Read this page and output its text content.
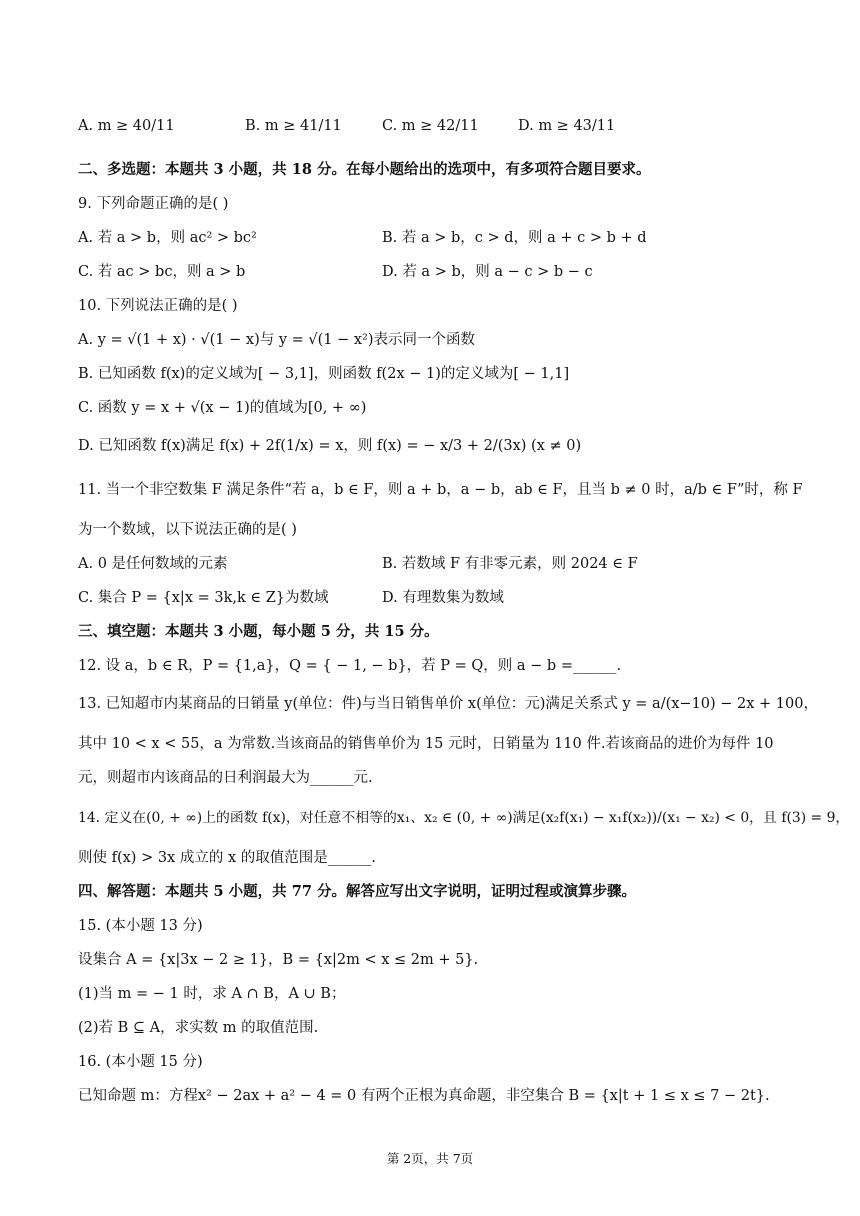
A. m ≥ 40/11	B. m ≥ 41/11	C. m ≥ 42/11	D. m ≥ 43/11
二、多选题：本题共 3 小题，共 18 分。在每小题给出的选项中，有多项符合题目要求。
9. 下列命题正确的是( )
A. 若 a > b，则 ac² > bc²	B. 若 a > b，c > d，则 a + c > b + d
C. 若 ac > bc，则 a > b	D. 若 a > b，则 a − c > b − c
10. 下列说法正确的是( )
A. y = √(1 + x) · √(1 − x)与 y = √(1 − x²)表示同一个函数
B. 已知函数 f(x)的定义域为[ − 3,1]，则函数 f(2x − 1)的定义域为[ − 1,1]
C. 函数 y = x + √(x − 1)的值域为[0, + ∞)
D. 已知函数 f(x)满足 f(x) + 2f(1/x) = x，则 f(x) = − x/3 + 2/(3x) (x ≠ 0)
11. 当一个非空数集 F 满足条件“若 a，b ∈ F，则 a + b，a − b，ab ∈ F，且当 b ≠ 0 时，a/b ∈ F”时，称 F
为一个数域，以下说法正确的是( )
A. 0 是任何数域的元素	B. 若数域 F 有非零元素，则 2024 ∈ F
C. 集合 P = {x|x = 3k,k ∈ Z}为数域	D. 有理数集为数域
三、填空题：本题共 3 小题，每小题 5 分，共 15 分。
12. 设 a，b ∈ R，P = {1,a}，Q = { − 1, − b}，若 P = Q，则 a − b =______.
13. 已知超市内某商品的日销量 y(单位：件)与当日销售单价 x(单位：元)满足关系式 y = a/(x−10) − 2x + 100，
其中 10 < x < 55，a 为常数.当该商品的销售单价为 15 元时，日销量为 110 件.若该商品的进价为每件 10
元，则超市内该商品的日利润最大为______元.
14. 定义在(0, + ∞)上的函数 f(x)，对任意不相等的x₁、x₂ ∈ (0, + ∞)满足(x₂f(x₁) − x₁f(x₂))/(x₁ − x₂) < 0，且 f(3) = 9，
则使 f(x) > 3x 成立的 x 的取值范围是______.
四、解答题：本题共 5 小题，共 77 分。解答应写出文字说明，证明过程或演算步骤。
15. (本小题 13 分)
设集合 A = {x|3x − 2 ≥ 1}，B = {x|2m < x ≤ 2m + 5}.
(1)当 m = − 1 时，求 A ∩ B，A ∪ B；
(2)若 B ⊆ A，求实数 m 的取值范围.
16. (本小题 15 分)
已知命题 m：方程x² − 2ax + a² − 4 = 0 有两个正根为真命题，非空集合 B = {x|t + 1 ≤ x ≤ 7 − 2t}.
第 2页，共 7页
